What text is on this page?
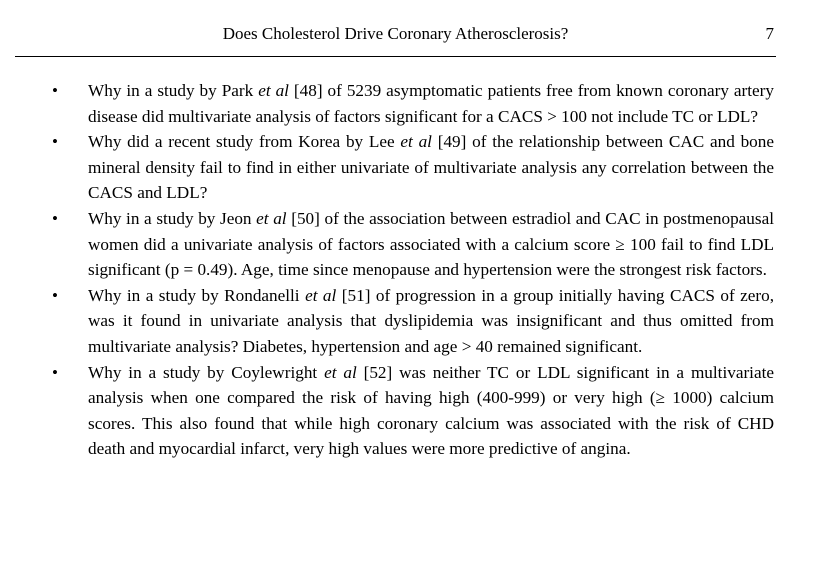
Does Cholesterol Drive Coronary Atherosclerosis?	7
• Why in a study by Park et al [48] of 5239 asymptomatic patients free from known coronary artery disease did multivariate analysis of factors significant for a CACS > 100 not include TC or LDL?
• Why did a recent study from Korea by Lee et al [49] of the relationship between CAC and bone mineral density fail to find in either univariate of multivariate analysis any correlation between the CACS and LDL?
• Why in a study by Jeon et al [50] of the association between estradiol and CAC in postmenopausal women did a univariate analysis of factors associated with a calcium score ≥ 100 fail to find LDL significant (p = 0.49). Age, time since menopause and hypertension were the strongest risk factors.
• Why in a study by Rondanelli et al [51] of progression in a group initially having CACS of zero, was it found in univariate analysis that dyslipidemia was insignificant and thus omitted from multivariate analysis? Diabetes, hypertension and age > 40 remained significant.
• Why in a study by Coylewright et al [52] was neither TC or LDL significant in a multivariate analysis when one compared the risk of having high (400-999) or very high (≥ 1000) calcium scores. This also found that while high coronary calcium was associated with the risk of CHD death and myocardial infarct, very high values were more predictive of angina.
